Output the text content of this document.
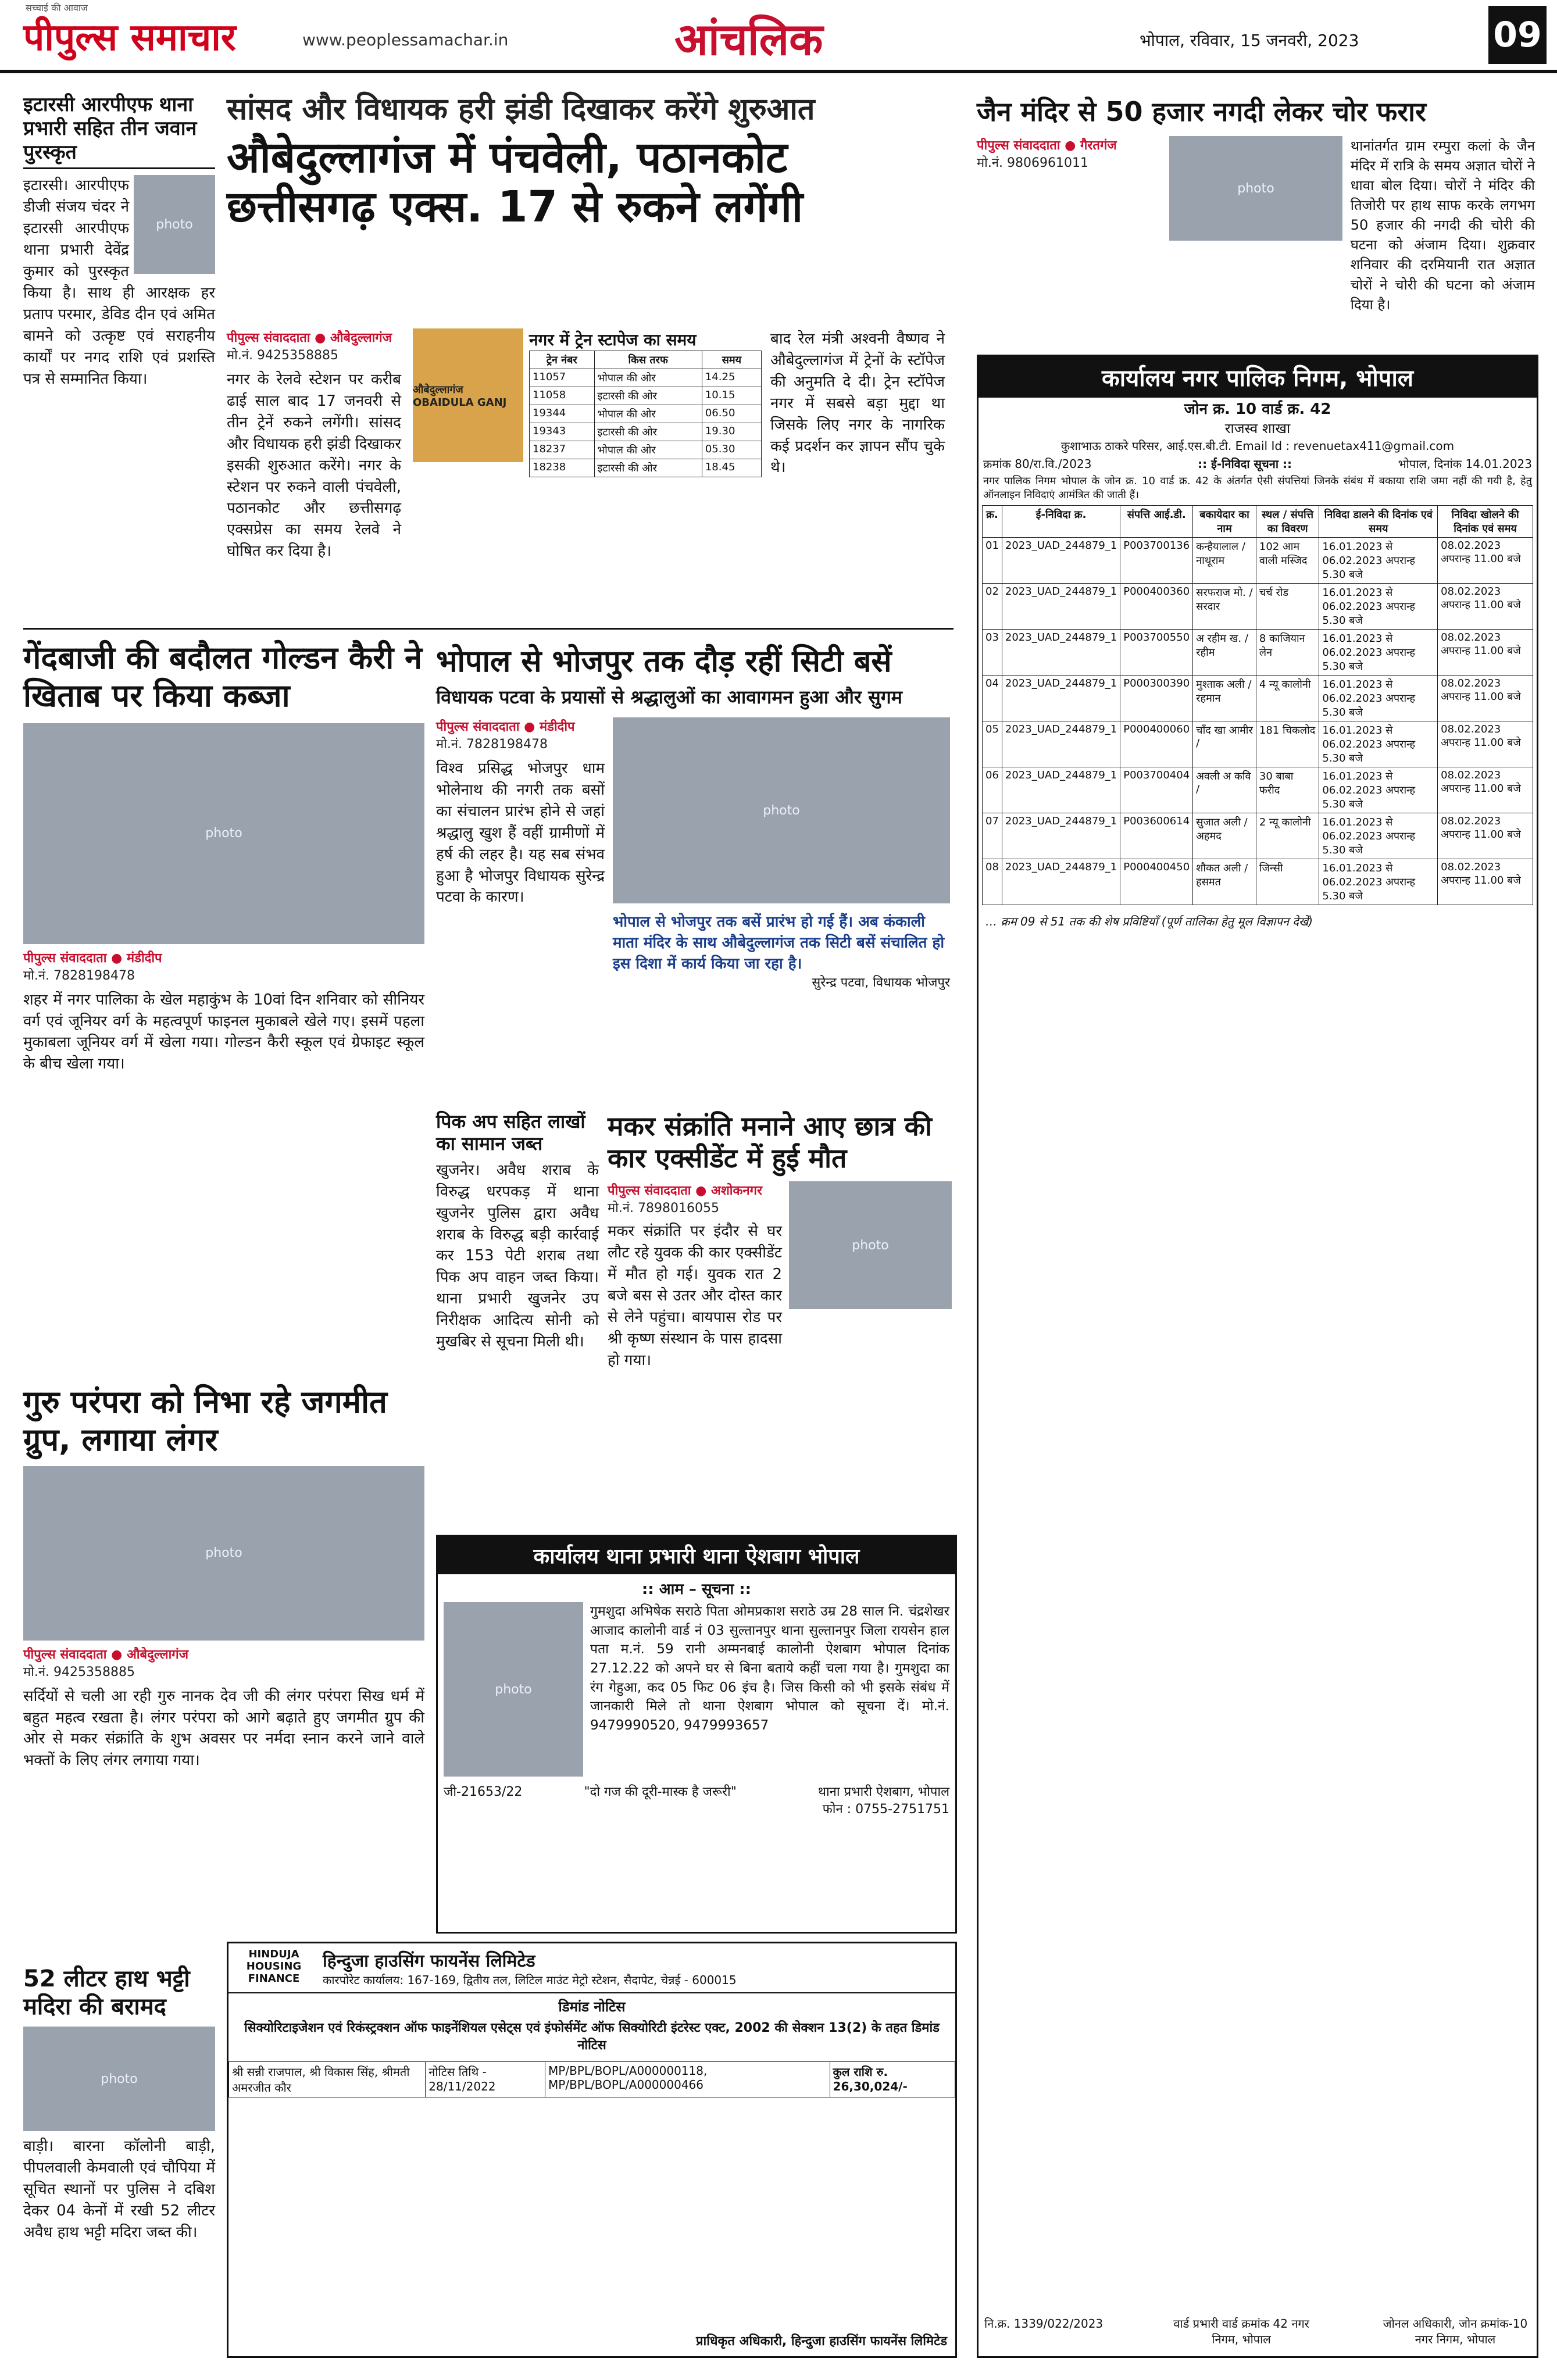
सच्चाई की आवाज
पीपुल्स समाचार	www.peoplessamachar.in	आंचलिक	भोपाल, रविवार, 15 जनवरी, 2023	09
इटारसी आरपीएफ थाना प्रभारी सहित तीन जवान पुरस्कृत
photo
इटारसी। आरपीएफ डीजी संजय चंदर ने इटारसी आरपीएफ थाना प्रभारी देवेंद्र कुमार को पुरस्कृत किया है। साथ ही आरक्षक हर प्रताप परमार, डेविड दीन एवं अमित बामने को उत्कृष्ट एवं सराहनीय कार्यों पर नगद राशि एवं प्रशस्ति पत्र से सम्मानित किया।
सांसद और विधायक हरी झंडी दिखाकर करेंगे शुरुआत
औबेदुल्लागंज में पंचवेली, पठानकोट छत्तीसगढ़ एक्स. 17 से रुकने लगेंगी
पीपुल्स संवाददाता ● औबेदुल्लागंज
मो.नं. 9425358885
नगर के रेलवे स्टेशन पर करीब ढाई साल बाद 17 जनवरी से तीन ट्रेनें रुकने लगेंगी। सांसद और विधायक हरी झंडी दिखाकर इसकी शुरुआत करेंगे। नगर के स्टेशन पर रुकने वाली पंचवेली, पठानकोट और छत्तीसगढ़ एक्सप्रेस का समय रेलवे ने घोषित कर दिया है।
औबेदुल्लागंज OBAIDULA GANJ
नगर में ट्रेन स्टापेज का समय
ट्रेन नंबर	किस तरफ	समय
11057	भोपाल की ओर	14.25
11058	इटारसी की ओर	10.15
19344	भोपाल की ओर	06.50
19343	इटारसी की ओर	19.30
18237	भोपाल की ओर	05.30
18238	इटारसी की ओर	18.45
बाद रेल मंत्री अश्वनी वैष्णव ने औबेदुल्लागंज में ट्रेनों के स्टॉपेज की अनुमति दे दी। ट्रेन स्टॉपेज नगर में सबसे बड़ा मुद्दा था जिसके लिए नगर के नागरिक कई प्रदर्शन कर ज्ञापन सौंप चुके थे।
जैन मंदिर से 50 हजार नगदी लेकर चोर फरार
पीपुल्स संवाददाता ● गैरतगंज
मो.नं. 9806961011
photo
थानांतर्गत ग्राम रम्पुरा कलां के जैन मंदिर में रात्रि के समय अज्ञात चोरों ने धावा बोल दिया। चोरों ने मंदिर की तिजोरी पर हाथ साफ करके लगभग 50 हजार की नगदी की चोरी की घटना को अंजाम दिया। शुक्रवार शनिवार की दरमियानी रात अज्ञात चोरों ने चोरी की घटना को अंजाम दिया है।
कार्यालय नगर पालिक निगम, भोपाल
जोन क्र. 10 वार्ड क्र. 42
राजस्व शाखा
कुशाभाऊ ठाकरे परिसर, आई.एस.बी.टी. Email Id : revenuetax411@gmail.com
क्रमांक 80/रा.वि./2023	:: ई-निविदा सूचना ::	भोपाल, दिनांक 14.01.2023
नगर पालिक निगम भोपाल के जोन क्र. 10 वार्ड क्र. 42 के अंतर्गत ऐसी संपत्तियां जिनके संबंध में बकाया राशि जमा नहीं की गयी है, हेतु ऑनलाइन निविदाएं आमंत्रित की जाती हैं।
क्र.	ई-निविदा क्र.	संपत्ति आई.डी.	बकायेदार का नाम	स्थल / संपत्ति का विवरण	निविदा डालने की दिनांक एवं समय	निविदा खोलने की दिनांक एवं समय
01	2023_UAD_244879_1	P003700136	कन्हैयालाल / नाथूराम	102 आम वाली मस्जिद	16.01.2023 से 06.02.2023 अपरान्ह 5.30 बजे	08.02.2023 अपरान्ह 11.00 बजे
02	2023_UAD_244879_1	P000400360	सरफराज मो. / सरदार	चर्च रोड	16.01.2023 से 06.02.2023 अपरान्ह 5.30 बजे	08.02.2023 अपरान्ह 11.00 बजे
03	2023_UAD_244879_1	P003700550	अ रहीम ख. / रहीम	8 काजियान लेन	16.01.2023 से 06.02.2023 अपरान्ह 5.30 बजे	08.02.2023 अपरान्ह 11.00 बजे
04	2023_UAD_244879_1	P000300390	मुश्ताक अली / रहमान	4 न्यू कालोनी	16.01.2023 से 06.02.2023 अपरान्ह 5.30 बजे	08.02.2023 अपरान्ह 11.00 बजे
05	2023_UAD_244879_1	P000400060	चाँद खा आमीर /	181 चिकलोद	16.01.2023 से 06.02.2023 अपरान्ह 5.30 बजे	08.02.2023 अपरान्ह 11.00 बजे
06	2023_UAD_244879_1	P003700404	अवली अ कवि /	30 बाबा फरीद	16.01.2023 से 06.02.2023 अपरान्ह 5.30 बजे	08.02.2023 अपरान्ह 11.00 बजे
07	2023_UAD_244879_1	P003600614	सुजात अली / अहमद	2 न्यू कालोनी	16.01.2023 से 06.02.2023 अपरान्ह 5.30 बजे	08.02.2023 अपरान्ह 11.00 बजे
08	2023_UAD_244879_1	P000400450	शौकत अली / हसमत	जिन्सी	16.01.2023 से 06.02.2023 अपरान्ह 5.30 बजे	08.02.2023 अपरान्ह 11.00 बजे
… क्रम 09 से 51 तक की शेष प्रविष्टियाँ (पूर्ण तालिका हेतु मूल विज्ञापन देखें)
नि.क्र. 1339/022/2023	वार्ड प्रभारी वार्ड क्रमांक 42 नगर निगम, भोपाल
जोनल अधिकारी, जोन क्रमांक-10 नगर निगम, भोपाल
गेंदबाजी की बदौलत गोल्डन कैरी ने खिताब पर किया कब्जा
photo
पीपुल्स संवाददाता ● मंडीदीप
मो.नं. 7828198478
शहर में नगर पालिका के खेल महाकुंभ के 10वां दिन शनिवार को सीनियर वर्ग एवं जूनियर वर्ग के महत्वपूर्ण फाइनल मुकाबले खेले गए। इसमें पहला मुकाबला जूनियर वर्ग में खेला गया। गोल्डन कैरी स्कूल एवं ग्रेफाइट स्कूल के बीच खेला गया।
भोपाल से भोजपुर तक दौड़ रहीं सिटी बसें
विधायक पटवा के प्रयासों से श्रद्धालुओं का आवागमन हुआ और सुगम
पीपुल्स संवाददाता ● मंडीदीप
मो.नं. 7828198478
विश्व प्रसिद्ध भोजपुर धाम भोलेनाथ की नगरी तक बसों का संचालन प्रारंभ होने से जहां श्रद्धालु खुश हैं वहीं ग्रामीणों में हर्ष की लहर है। यह सब संभव हुआ है भोजपुर विधायक सुरेन्द्र पटवा के कारण।
photo
भोपाल से भोजपुर तक बसें प्रारंभ हो गई हैं। अब कंकाली माता मंदिर के साथ औबेदुल्लागंज तक सिटी बसें संचालित हो इस दिशा में कार्य किया जा रहा है।
सुरेन्द्र पटवा, विधायक भोजपुर
पिक अप सहित लाखों का सामान जब्त
खुजनेर। अवैध शराब के विरुद्ध धरपकड़ में थाना खुजनेर पुलिस द्वारा अवैध शराब के विरुद्ध बड़ी कार्रवाई कर 153 पेटी शराब तथा पिक अप वाहन जब्त किया। थाना प्रभारी खुजनेर उप निरीक्षक आदित्य सोनी को मुखबिर से सूचना मिली थी।
मकर संक्रांति मनाने आए छात्र की कार एक्सीडेंट में हुई मौत
पीपुल्स संवाददाता ● अशोकनगर
मो.नं. 7898016055
मकर संक्रांति पर इंदौर से घर लौट रहे युवक की कार एक्सीडेंट में मौत हो गई। युवक रात 2 बजे बस से उतर और दोस्त कार से लेने पहुंचा। बायपास रोड पर श्री कृष्ण संस्थान के पास हादसा हो गया।
photo
गुरु परंपरा को निभा रहे जगमीत ग्रुप, लगाया लंगर
photo
पीपुल्स संवाददाता ● औबेदुल्लागंज
मो.नं. 9425358885
सर्दियों से चली आ रही गुरु नानक देव जी की लंगर परंपरा सिख धर्म में बहुत महत्व रखता है। लंगर परंपरा को आगे बढ़ाते हुए जगमीत ग्रुप की ओर से मकर संक्रांति के शुभ अवसर पर नर्मदा स्नान करने जाने वाले भक्तों के लिए लंगर लगाया गया।
कार्यालय थाना प्रभारी थाना ऐशबाग भोपाल
:: आम – सूचना ::
photo
गुमशुदा अभिषेक सराठे पिता ओमप्रकाश सराठे उम्र 28 साल नि. चंद्रशेखर आजाद कालोनी वार्ड नं 03 सुल्तानपुर थाना सुल्तानपुर जिला रायसेन हाल पता म.नं. 59 रानी अम्मनबाई कालोनी ऐशबाग भोपाल दिनांक 27.12.22 को अपने घर से बिना बताये कहीं चला गया है। गुमशुदा का रंग गेहुआ, कद 05 फिट 06 इंच है। जिस किसी को भी इसके संबंध में जानकारी मिले तो थाना ऐशबाग भोपाल को सूचना दें। मो.नं. 9479990520, 9479993657
जी-21653/22	"दो गज की दूरी-मास्क है जरूरी"	थाना प्रभारी ऐशबाग, भोपाल
फोन : 0755-2751751
52 लीटर हाथ भट्टी मदिरा की बरामद
photo
बाड़ी। बारना कॉलोनी बाड़ी, पीपलवाली केमवाली एवं चौपिया में सूचित स्थानों पर पुलिस ने दबिश देकर 04 केनों में रखी 52 लीटर अवैध हाथ भट्टी मदिरा जब्त की।
HINDUJA HOUSING FINANCE
हिन्दुजा हाउसिंग फायनेंस लिमिटेड
कारपोरेट कार्यालय: 167-169, द्वितीय तल, लिटिल माउंट मेट्रो स्टेशन, सैदापेट, चेन्नई - 600015
डिमांड नोटिस
सिक्योरिटाइजेशन एवं रिकंस्ट्रक्शन ऑफ फाइनेंशियल एसेट्स एवं इंफोर्समेंट ऑफ सिक्योरिटी इंटरेस्ट एक्ट, 2002 की सेक्शन 13(2) के तहत डिमांड नोटिस
श्री सन्नी राजपाल, श्री विकास सिंह, श्रीमती अमरजीत कौर	नोटिस तिथि - 28/11/2022	MP/BPL/BOPL/A000000118, MP/BPL/BOPL/A000000466	कुल राशि रु. 26,30,024/-
प्राधिकृत अधिकारी, हिन्दुजा हाउसिंग फायनेंस लिमिटेड
